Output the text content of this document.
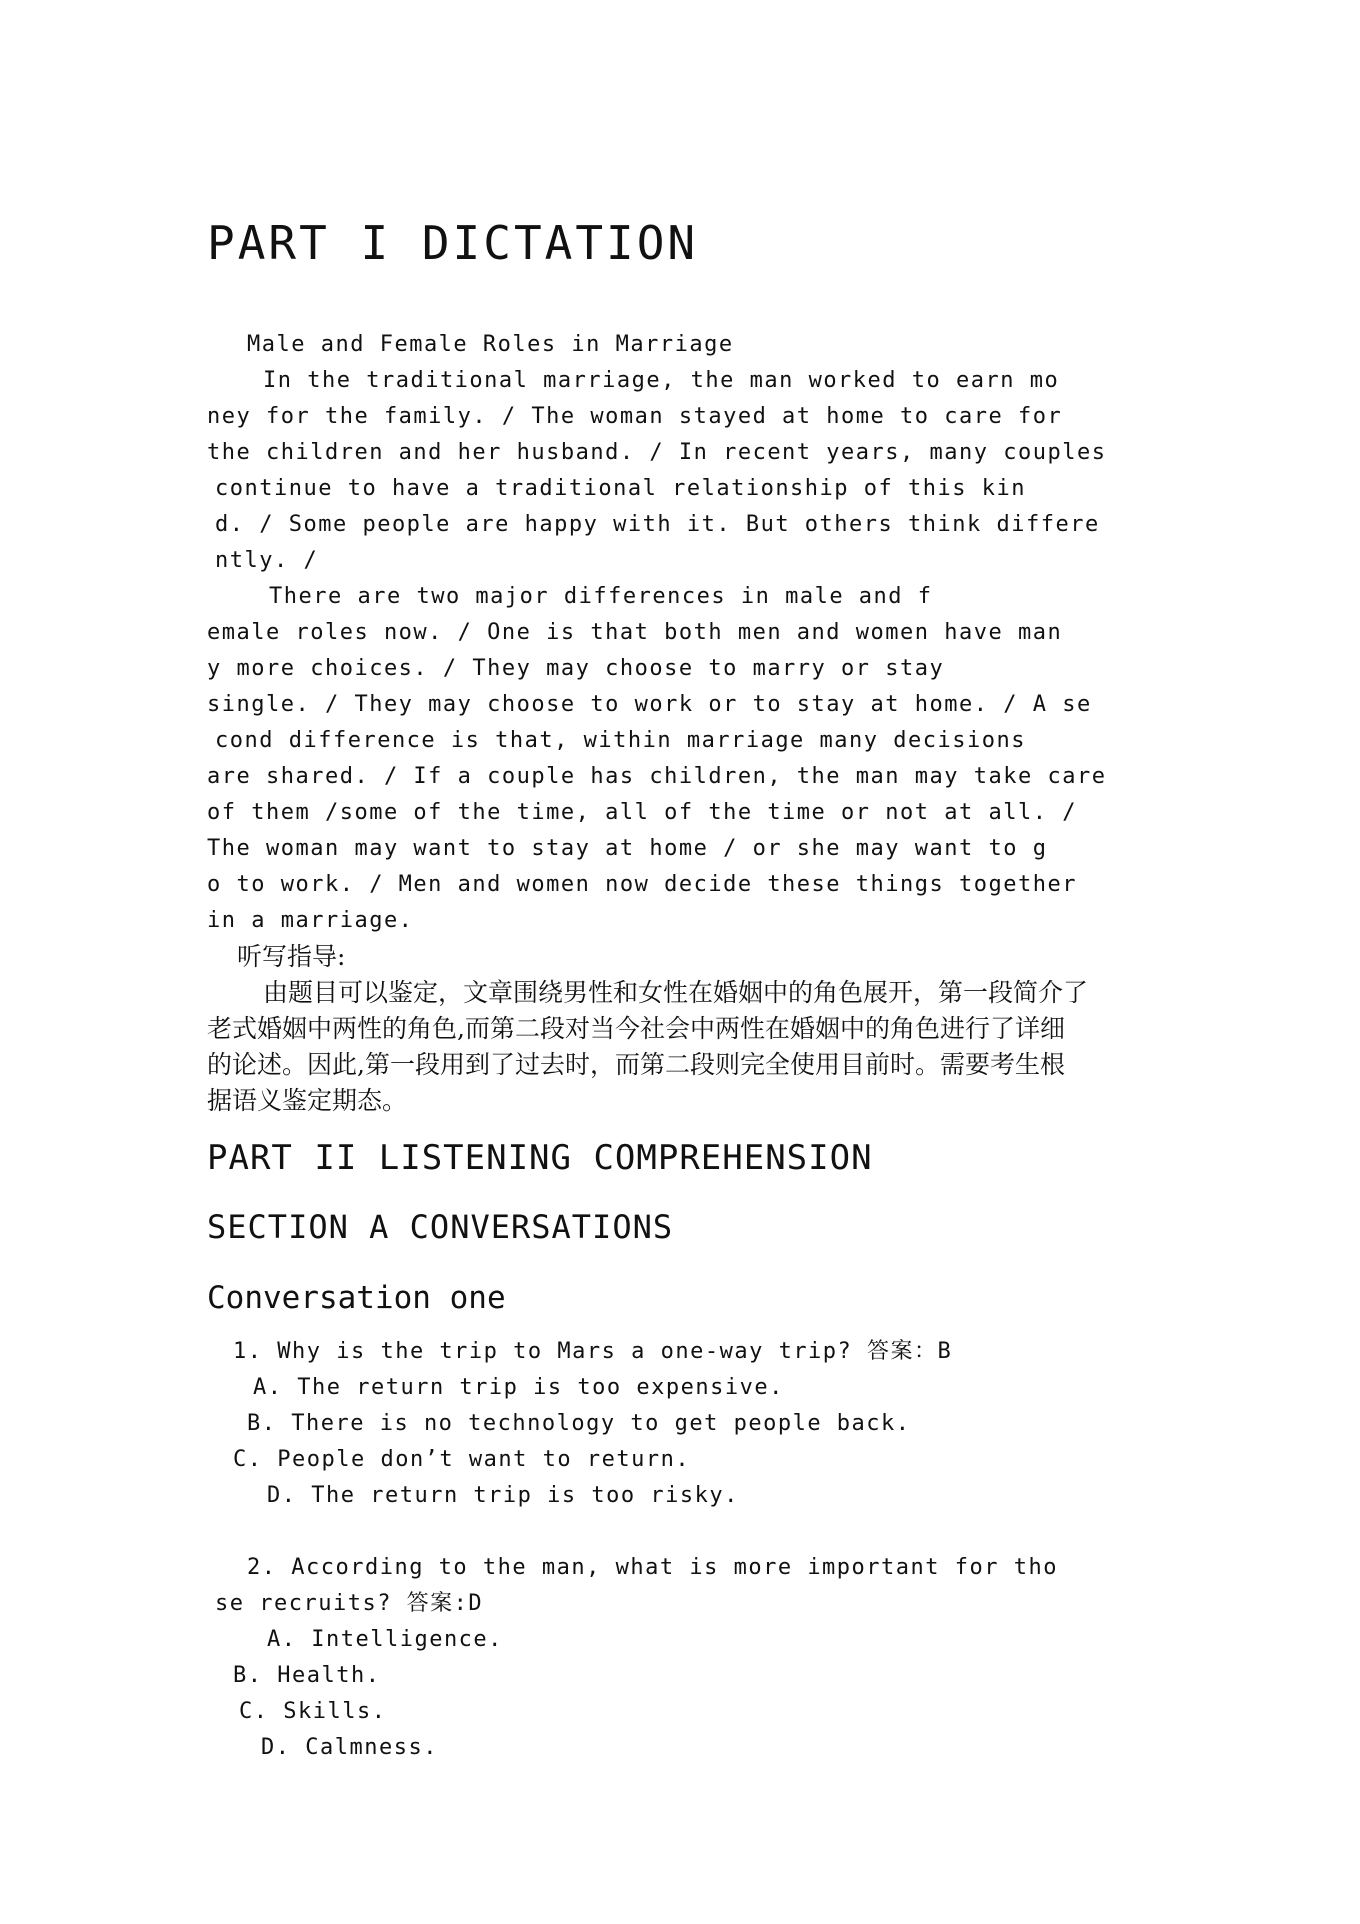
PART I DICTATION
Male and Female Roles in Marriage
In the traditional marriage, the man worked to earn mo
ney for the family. / The woman stayed at home to care for
the children and her husband. / In recent years, many couples
continue to have a traditional relationship of this kin
d. / Some people are happy with it. But others think differe
ntly. /
There are two major differences in male and f
emale roles now. / One is that both men and women have man
y more choices. / They may choose to marry or stay
single. / They may choose to work or to stay at home. / A se
cond difference is that, within marriage many decisions
are shared. / If a couple has children, the man may take care
of them /some of the time, all of the time or not at all. /
The woman may want to stay at home / or she may want to g
o to work. / Men and women now decide these things together
in a marriage.
听写指导:
由题目可以鉴定，文章围绕男性和女性在婚姻中的角色展开，第一段简介了
老式婚姻中两性的角色,而第二段对当今社会中两性在婚姻中的角色进行了详细
的论述。因此,第一段用到了过去时，而第二段则完全使用目前时。需要考生根
据语义鉴定期态。
PART II LISTENING COMPREHENSION
SECTION A CONVERSATIONS
Conversation one
1. Why is the trip to Mars a one-way trip? 答案：B
A. The return trip is too expensive.
B. There is no technology to get people back.
C. People don’t want to return.
D. The return trip is too risky.
2. According to the man, what is more important for tho
se recruits? 答案:D
A. Intelligence.
B. Health.
C. Skills.
D. Calmness.
